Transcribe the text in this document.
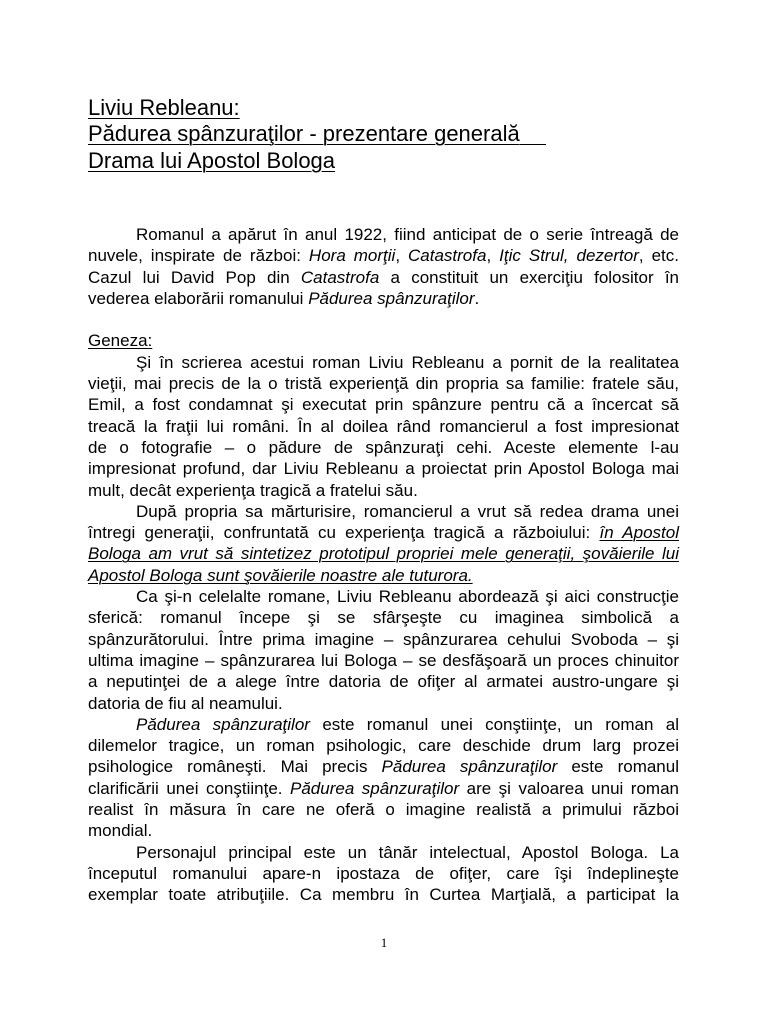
Liviu Rebleanu:
Pădurea spânzuraţilor - prezentare generală
Drama lui Apostol Bologa
Romanul a apărut în anul 1922, fiind anticipat de o serie întreagă de
nuvele, inspirate de război: Hora morţii, Catastrofa, Iţic Strul, dezertor, etc.
Cazul lui David Pop din Catastrofa a constituit un exerciţiu folositor în
vederea elaborării romanului Pădurea spânzuraţilor.
Geneza:
Şi în scrierea acestui roman Liviu Rebleanu a pornit de la realitatea
vieţii, mai precis de la o tristă experienţă din propria sa familie: fratele său,
Emil, a fost condamnat şi executat prin spânzure pentru că a încercat să
treacă la fraţii lui români. În al doilea rând romancierul a fost impresionat
de o fotografie – o pădure de spânzuraţi cehi. Aceste elemente l-au
impresionat profund, dar Liviu Rebleanu a proiectat prin Apostol Bologa mai
mult, decât experienţa tragică a fratelui său.
După propria sa mărturisire, romancierul a vrut să redea drama unei
întregi generaţii, confruntată cu experienţa tragică a războiului: în Apostol
Bologa am vrut să sintetizez prototipul propriei mele generaţii, şovăierile lui
Apostol Bologa sunt şovăierile noastre ale tuturora.
Ca şi-n celelalte romane, Liviu Rebleanu abordează şi aici construcţie
sferică: romanul începe şi se sfârşeşte cu imaginea simbolică a
spânzurătorului. Între prima imagine – spânzurarea cehului Svoboda – şi
ultima imagine – spânzurarea lui Bologa – se desfăşoară un proces chinuitor
a neputinţei de a alege între datoria de ofiţer al armatei austro-ungare şi
datoria de fiu al neamului.
Pădurea spânzuraţilor este romanul unei conştiinţe, un roman al
dilemelor tragice, un roman psihologic, care deschide drum larg prozei
psihologice româneşti. Mai precis Pădurea spânzuraţilor este romanul
clarificării unei conştiinţe. Pădurea spânzuraţilor are şi valoarea unui roman
realist în măsura în care ne oferă o imagine realistă a primului război
mondial.
Personajul principal este un tânăr intelectual, Apostol Bologa. La
începutul romanului apare-n ipostaza de ofiţer, care îşi îndeplineşte
exemplar toate atribuţiile. Ca membru în Curtea Marţială, a participat la
1
